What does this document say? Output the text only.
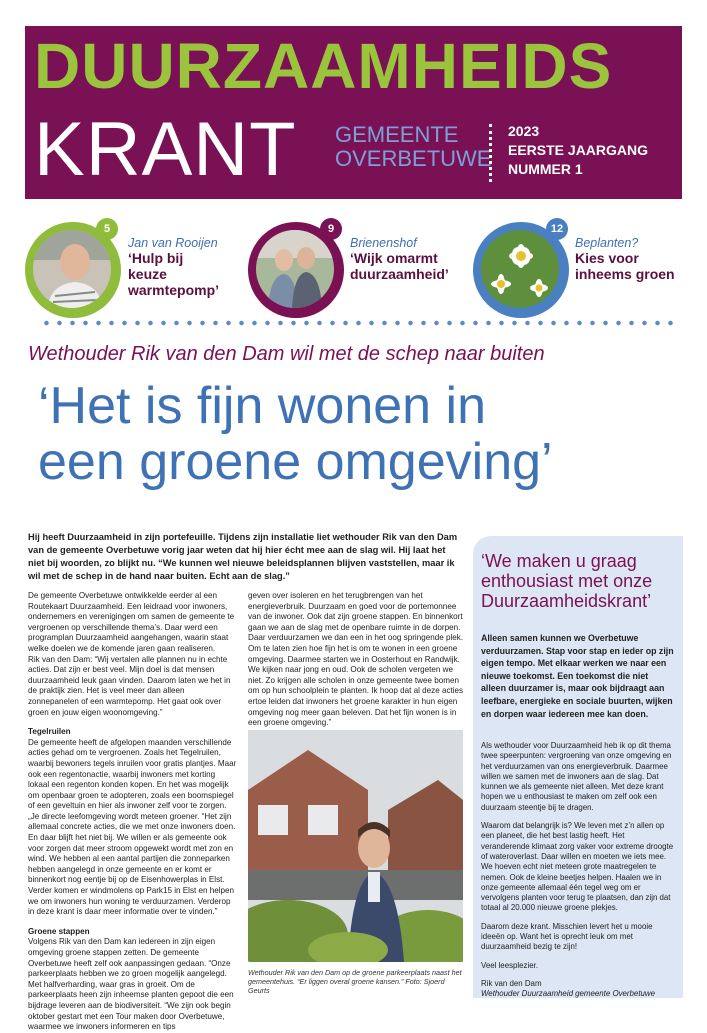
DUURZAAMHEIDS
KRANT GEMEENTE
OVERBETUWE
2023
EERSTE JAARGANG
NUMMER 1
5
Jan van Rooijen
‘Hulp bij
keuze
warmtepomp’
9
Brienenshof
‘Wijk omarmt
duurzaamheid’
12
Beplanten?
Kies voor
inheems groen
Wethouder Rik van den Dam wil met de schep naar buiten
‘Het is fijn wonen in
een groene omgeving’
Hij heeft Duurzaamheid in zijn portefeuille. Tijdens zijn installatie liet wethouder Rik van den Dam van de gemeente Overbetuwe vorig jaar weten dat hij hier écht mee aan de slag wil. Hij laat het niet bij woorden, zo blijkt nu. “We kunnen wel nieuwe beleidsplannen blijven vaststellen, maar ik wil met de schep in de hand naar buiten. Echt aan de slag.”
De gemeente Overbetuwe ontwikkelde eerder al een Routekaart Duurzaamheid. Een leidraad voor inwoners, ondernemers en verenigingen om samen de gemeente te vergroenen op verschillende thema’s. Daar werd een programplan Duurzaamheid aangehangen, waarin staat welke doelen we de komende jaren gaan realiseren.
Rik van den Dam: “Wij vertalen alle plannen nu in echte acties. Dat zijn er best veel. Mijn doel is dat mensen duurzaamheid leuk gaan vinden. Daarom laten we het in de praktijk zien. Het is veel meer dan alleen zonnepanelen of een warmtepomp. Het gaat ook over groen en jouw eigen woonomgeving.”
Tegelruilen
De gemeente heeft de afgelopen maanden verschillende acties gehad om te vergroenen. Zoals het Tegelruilen, waarbij bewoners tegels inruilen voor gratis plantjes. Maar ook een regentonactie, waarbij inwoners met korting lokaal een regenton konden kopen. En het was mogelijk om openbaar groen te adopteren, zoals een boomspiegel of een geveltuin en hier als inwoner zelf voor te zorgen. „Je directe leefomgeving wordt meteen groener. “Het zijn allemaal concrete acties, die we met onze inwoners doen. En daar blijft het niet bij. We willen er als gemeente ook voor zorgen dat meer stroom opgewekt wordt met zon en wind. We hebben al een aantal partijen die zonneparken hebben aangelegd in onze gemeente en er komt er binnenkort nog eentje bij op de Eisenhowerplas in Elst. Verder komen er windmolens op Park15 in Elst en helpen we om inwoners hun woning te verduurzamen. Verderop in deze krant is daar meer informatie over te vinden.”
Groene stappen
Volgens Rik van den Dam kan iedereen in zijn eigen omgeving groene stappen zetten. De gemeente Overbetuwe heeft zelf ook aanpassingen gedaan. “Onze parkeerplaats hebben we zo groen mogelijk aangelegd. Met halfverharding, waar gras in groeit. Om de parkeerplaats heen zijn inheemse planten gepoot die een bijdrage leveren aan de biodiversiteit. “We zijn ook begin oktober gestart met een Tour maken door Overbetuwe, waarmee we inwoners informeren en tips
geven over isoleren en het terugbrengen van het energieverbruik. Duurzaam en goed voor de portemonnee van de inwoner. Ook dat zijn groene stappen. En binnenkort gaan we aan de slag met de openbare ruimte in de dorpen. Daar verduurzamen we dan een in het oog springende plek. Om te laten zien hoe fijn het is om te wonen in een groene omgeving. Daarmee starten we in Oosterhout en Randwijk. We kijken naar jong en oud. Ook de scholen vergeten we niet. Zo krijgen alle scholen in onze gemeente twee bomen om op hun schoolplein te planten. Ik hoop dat al deze acties ertoe leiden dat inwoners het groene karakter in hun eigen omgeving nog meer gaan beleven. Dat het fijn wonen is in een groene omgeving.”
Wethouder Rik van den Dam op de groene parkeerplaats naast het gemeentehuis. “Er liggen overal groene kansen.” Foto: Sjoerd Geurts
‘We maken u graag enthousiast met onze Duurzaamheidskrant’
Alleen samen kunnen we Overbetuwe verduurzamen. Stap voor stap en ieder op zijn eigen tempo. Met elkaar werken we naar een nieuwe toekomst. Een toekomst die niet alleen duurzamer is, maar ook bijdraagt aan leefbare, energieke en sociale buurten, wijken en dorpen waar iedereen mee kan doen.

Als wethouder voor Duurzaamheid heb ik op dit thema twee speerpunten: vergroening van onze omgeving en het verduurzamen van ons energieverbruik. Daarmee willen we samen met de inwoners aan de slag. Dat kunnen we als gemeente niet alleen. Met deze krant hopen we u enthousiast te maken om zelf ook een duurzaam steentje bij te dragen.

Waarom dat belangrijk is? We leven met z’n allen op een planeet, die het best lastig heeft. Het veranderende klimaat zorg vaker voor extreme droogte of wateroverlast. Daar willen en moeten we iets mee. We hoeven echt niet meteen grote maatregelen te nemen. Ook de kleine beetjes helpen. Haalen we in onze gemeente allemaal één tegel weg om er vervolgens planten voor terug te plaatsen, dan zijn dat totaal al 20.000 nieuwe groene plekjes.

Daarom deze krant. Misschien levert het u mooie ideeën op. Want het is oprecht leuk om met duurzaamheid bezig te zijn!

Veel leesplezier.

Rik van den Dam
Wethouder Duurzaamheid gemeente Overbetuwe
